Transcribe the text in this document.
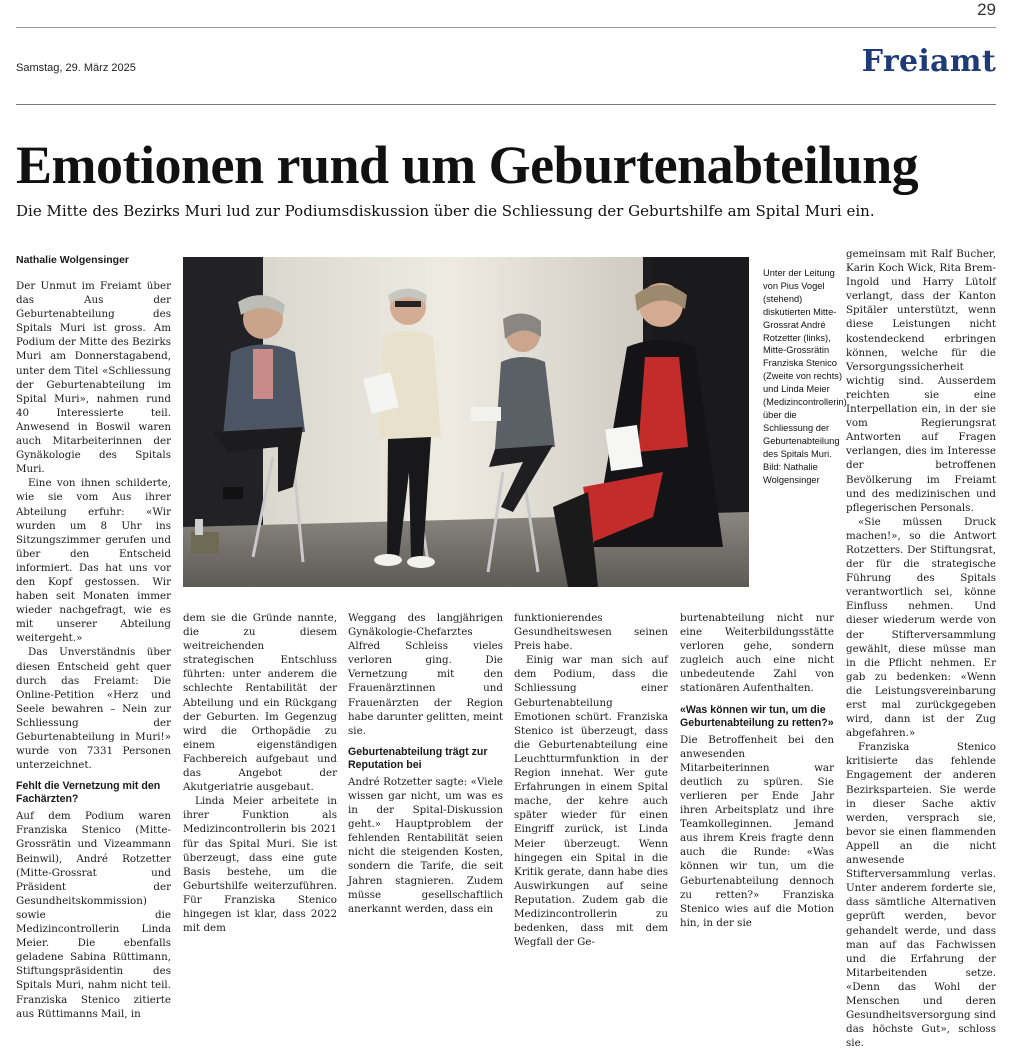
29
Samstag, 29. März 2025	Freiamt
Emotionen rund um Geburtenabteilung
Die Mitte des Bezirks Muri lud zur Podiumsdiskussion über die Schliessung der Geburtshilfe am Spital Muri ein.
Nathalie Wolgensinger

Der Unmut im Freiamt über das Aus der Geburtenabteilung des Spitals Muri ist gross. Am Podium der Mitte des Bezirks Muri am Donnerstagabend, unter dem Titel «Schliessung der Geburtenabteilung im Spital Muri», nahmen rund 40 Interessierte teil. Anwesend in Boswil waren auch Mitarbeiterinnen der Gynäkologie des Spitals Muri.

Eine von ihnen schilderte, wie sie vom Aus ihrer Abteilung erfuhr: «Wir wurden um 8 Uhr ins Sitzungszimmer gerufen und über den Entscheid informiert. Das hat uns vor den Kopf gestossen. Wir haben seit Monaten immer wieder nachgefragt, wie es mit unserer Abteilung weitergeht.»

Das Unverständnis über diesen Entscheid geht quer durch das Freiamt: Die Online-Petition «Herz und Seele bewahren – Nein zur Schliessung der Geburtenabteilung in Muri!» wurde von 7331 Personen unterzeichnet.

Fehlt die Vernetzung mit den Fachärzten?

Auf dem Podium waren Franziska Stenico (Mitte-Grossrätin und Vizeammann Beinwil), André Rotzetter (Mitte-Grossrat und Präsident der Gesundheitskommission) sowie die Medizincontrollerin Linda Meier. Die ebenfalls geladene Sabina Rüttimann, Stiftungspräsidentin des Spitals Muri, nahm nicht teil. Franziska Stenico zitierte aus Rüttimanns Mail, in

Unter der Leitung von Pius Vogel (stehend) diskutierten Mitte-Grossrat André Rotzetter (links), Mitte-Grossrätin Franziska Stenico (Zweite von rechts) und Linda Meier (Medizincontrollerin) über die Schliessung der Geburtenabteilung des Spitals Muri.
Bild: Nathalie Wolgensinger

dem sie die Gründe nannte, die zu diesem weitreichenden strategischen Entschluss führten: unter anderem die schlechte Rentabilität der Abteilung und ein Rückgang der Geburten. Im Gegenzug wird die Orthopädie zu einem eigenständigen Fachbereich aufgebaut und das Angebot der Akutgeriatrie ausgebaut.

Linda Meier arbeitete in ihrer Funktion als Medizincontrollerin bis 2021 für das Spital Muri. Sie ist überzeugt, dass eine gute Basis bestehe, um die Geburtshilfe weiterzuführen. Für Franziska Stenico hingegen ist klar, dass 2022 mit dem

Weggang des langjährigen Gynäkologie-Chefarztes Alfred Schleiss vieles verloren ging. Die Vernetzung mit den Frauenärztinnen und Frauenärzten der Region habe darunter gelitten, meint sie.

Geburtenabteilung trägt zur Reputation bei

André Rotzetter sagte: «Viele wissen gar nicht, um was es in der Spital-Diskussion geht.» Hauptproblem der fehlenden Rentabilität seien nicht die steigenden Kosten, sondern die Tarife, die seit Jahren stagnieren. Zudem müsse gesellschaftlich anerkannt werden, dass ein

funktionierendes Gesundheitswesen seinen Preis habe.

Einig war man sich auf dem Podium, dass die Schliessung einer Geburtenabteilung Emotionen schürt. Franziska Stenico ist überzeugt, dass die Geburtenabteilung eine Leuchtturmfunktion in der Region innehat. Wer gute Erfahrungen in einem Spital mache, der kehre auch später wieder für einen Eingriff zurück, ist Linda Meier überzeugt. Wenn hingegen ein Spital in die Kritik gerate, dann habe dies Auswirkungen auf seine Reputation. Zudem gab die Medizincontrollerin zu bedenken, dass mit dem Wegfall der Ge-

burtenabteilung nicht nur eine Weiterbildungsstätte verloren gehe, sondern zugleich auch eine nicht unbedeutende Zahl von stationären Aufenthalten.

«Was können wir tun, um die Geburtenabteilung zu retten?»

Die Betroffenheit bei den anwesenden Mitarbeiterinnen war deutlich zu spüren. Sie verlieren per Ende Jahr ihren Arbeitsplatz und ihre Teamkolleginnen. Jemand aus ihrem Kreis fragte denn auch die Runde: «Was können wir tun, um die Geburtenabteilung dennoch zu retten?» Franziska Stenico wies auf die Motion hin, in der sie

gemeinsam mit Ralf Bucher, Karin Koch Wick, Rita Brem-Ingold und Harry Lütolf verlangt, dass der Kanton Spitäler unterstützt, wenn diese Leistungen nicht kostendeckend erbringen können, welche für die Versorgungssicherheit wichtig sind. Ausserdem reichten sie eine Interpellation ein, in der sie vom Regierungsrat Antworten auf Fragen verlangen, dies im Interesse der betroffenen Bevölkerung im Freiamt und des medizinischen und pflegerischen Personals.

«Sie müssen Druck machen!», so die Antwort Rotzetters. Der Stiftungsrat, der für die strategische Führung des Spitals verantwortlich sei, könne Einfluss nehmen. Und dieser wiederum werde von der Stifterversammlung gewählt, diese müsse man in die Pflicht nehmen. Er gab zu bedenken: «Wenn die Leistungsvereinbarung erst mal zurückgegeben wird, dann ist der Zug abgefahren.»

Franziska Stenico kritisierte das fehlende Engagement der anderen Bezirksparteien. Sie werde in dieser Sache aktiv werden, versprach sie, bevor sie einen flammenden Appell an die nicht anwesende Stifterversammlung verlas. Unter anderem forderte sie, dass sämtliche Alternativen geprüft werden, bevor gehandelt werde, und dass man auf das Fachwissen und die Erfahrung der Mitarbeitenden setze. «Denn das Wohl der Menschen und deren Gesundheitsversorgung sind das höchste Gut», schloss sie.
